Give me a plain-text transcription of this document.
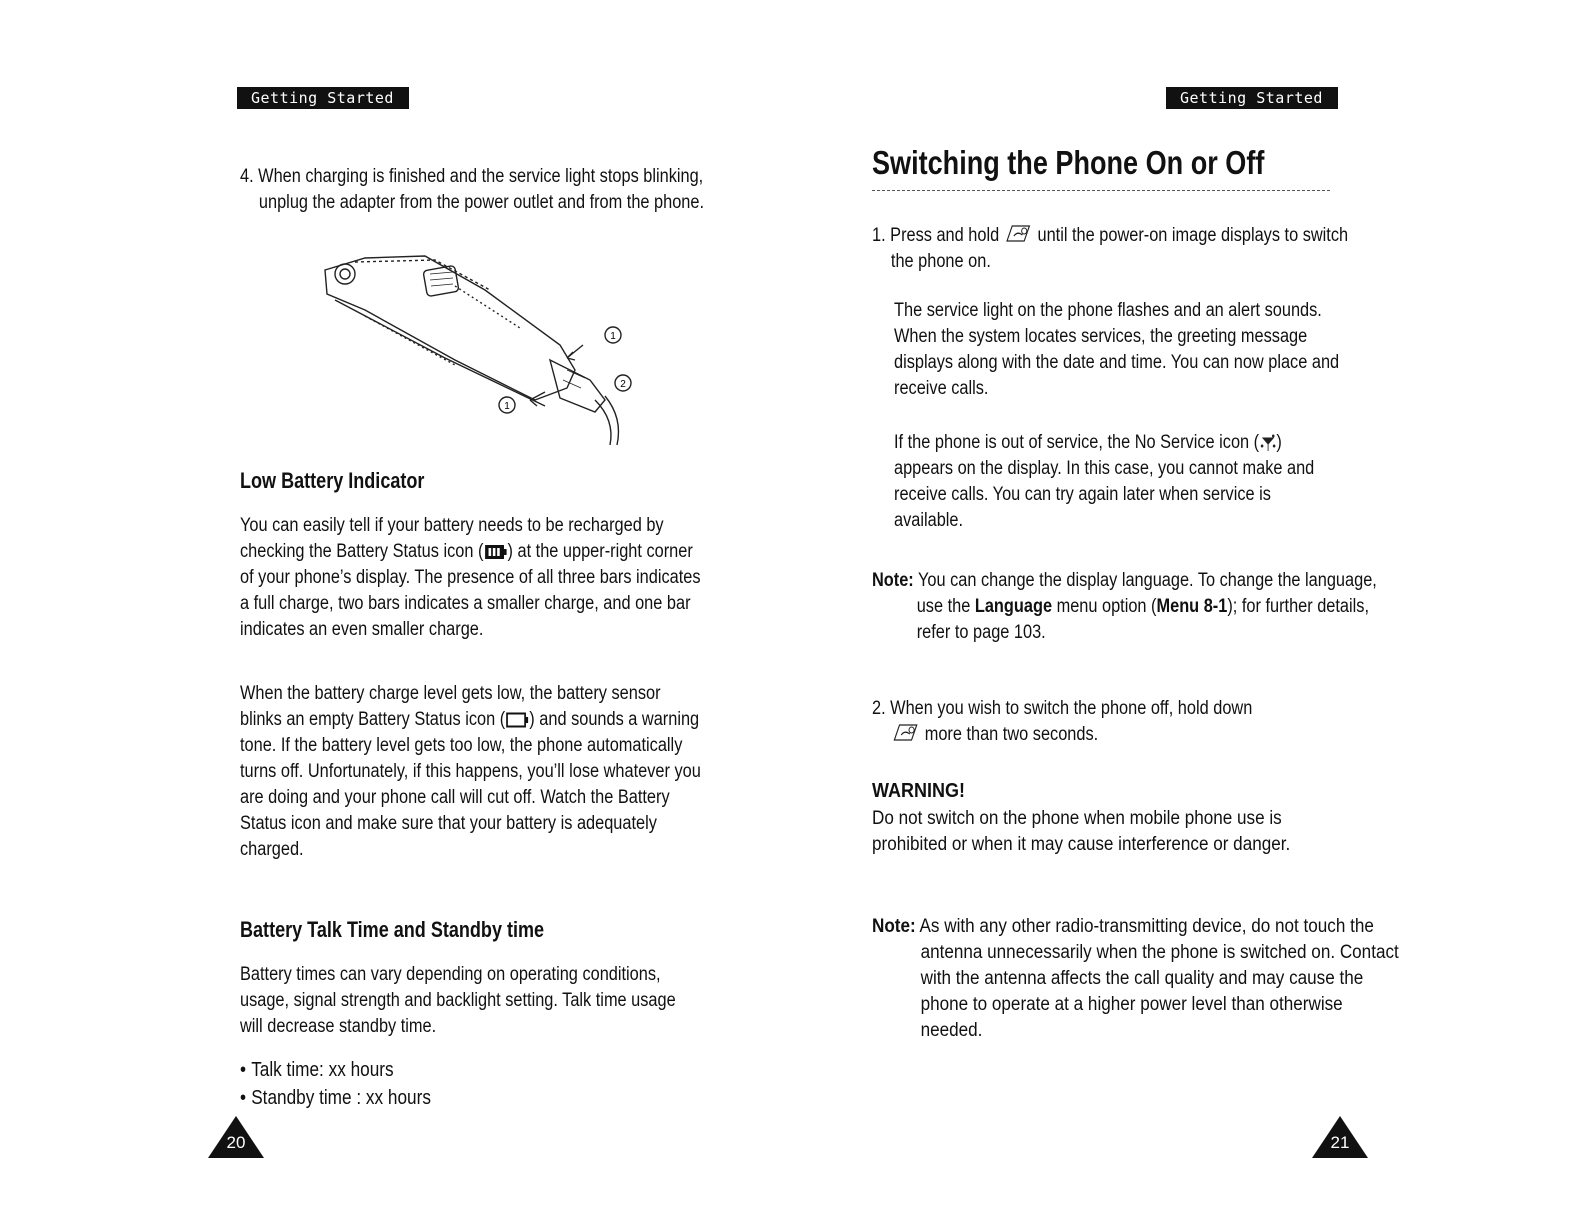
Getting Started

4. When charging is finished and the service light stops blinking, unplug the adapter from the power outlet and from the phone.

1
2
1
Low Battery Indicator

You can easily tell if your battery needs to be recharged by checking the Battery Status icon ( ) at the upper-right corner of your phone’s display. The presence of all three bars indicates a full charge, two bars indicates a smaller charge, and one bar indicates an even smaller charge.

When the battery charge level gets low, the battery sensor blinks an empty Battery Status icon ( ) and sounds a warning tone. If the battery level gets too low, the phone automatically turns off. Unfortunately, if this happens, you’ll lose whatever you are doing and your phone call will cut off. Watch the Battery Status icon and make sure that your battery is adequately charged.

Battery Talk Time and Standby time

Battery times can vary depending on operating conditions, usage, signal strength and backlight setting. Talk time usage will decrease standby time.

• Talk time: xx hours
• Standby time : xx hours
20
Getting Started
Switching the Phone On or Off

1. Press and hold until the power-on image displays to switch the phone on.

The service light on the phone flashes and an alert sounds. When the system locates services, the greeting message displays along with the date and time. You can now place and receive calls.

If the phone is out of service, the No Service icon ( ) appears on the display. In this case, you cannot make and receive calls. You can try again later when service is available.

Note: You can change the display language. To change the language, use the Language menu option (Menu 8-1); for further details, refer to page 103.

2. When you wish to switch the phone off, hold down
more than two seconds.

WARNING!

Do not switch on the phone when mobile phone use is prohibited or when it may cause interference or danger.

Note: As with any other radio-transmitting device, do not touch the antenna unnecessarily when the phone is switched on. Contact with the antenna affects the call quality and may cause the phone to operate at a higher power level than otherwise needed.

21
